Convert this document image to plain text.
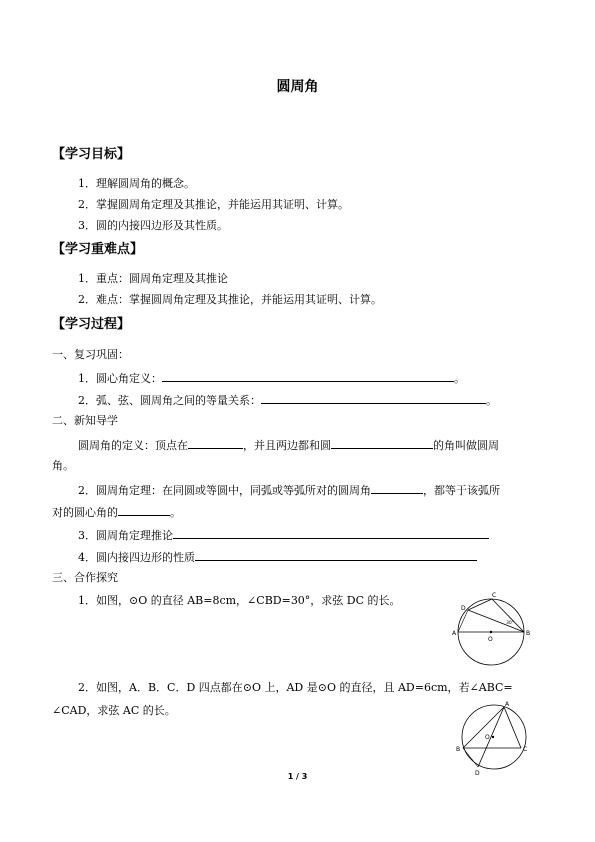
圆周角
【学习目标】
1．理解圆周角的概念。
2．掌握圆周角定理及其推论，并能运用其证明、计算。
3．圆的内接四边形及其性质。
【学习重难点】
1．重点：圆周角定理及其推论
2．难点：掌握圆周角定理及其推论，并能运用其证明、计算。
【学习过程】
一、复习巩固：
1．圆心角定义：	。
2．弧、弦、圆周角之间的等量关系：	。
二、新知导学
圆周角的定义：顶点在	，并且两边都和圆	的角叫做圆周
角。
2．圆周角定理：在同圆或等圆中，同弧或等弧所对的圆周角	，都等于该弧所
对的圆心角的	。
3．圆周角定理推论
4．圆内接四边形的性质
三、合作探究
1．如图，⊙O 的直径 AB=8cm，∠CBD=30°，求弦 DC 的长。
A	B
C
D
O
30°
2．如图，A．B．C．D 四点都在⊙O 上，AD 是⊙O 的直径，且 AD=6cm，若∠ABC=
∠CAD，求弦 AC 的长。	A
B	C
D
O
1 / 3
